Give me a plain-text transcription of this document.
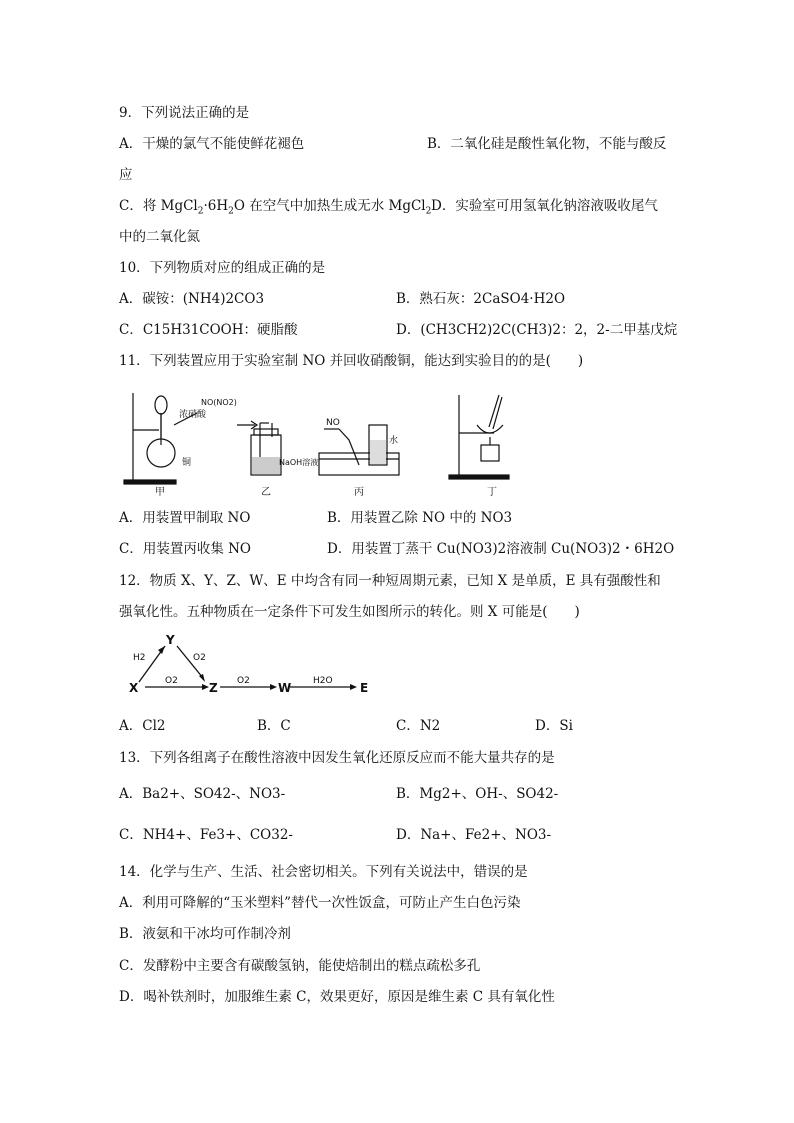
9．下列说法正确的是
A．干燥的氯气不能使鲜花褪色	B．二氧化硅是酸性氧化物，不能与酸反
应
C．将 $MgCl_2\cdot 6H_2O$ 在空气中加热生成无水 MgCl$_2$ D．实验室可用氢氧化钠溶液吸收尾气
中的二氧化氮
10．下列物质对应的组成正确的是
A．碳铵：(NH4)2CO3	B．熟石灰：2CaSO4·H2O
C．C15H31COOH：硬脂酸	D．(CH3CH2)2C(CH3)2：2，2-二甲基戊烷
11．下列装置应用于实验室制 NO 并回收硝酸铜，能达到实验目的的是(　　)
浓硝酸
NO(NO2)
铜
甲
NaOH溶液
乙
NO
水
丙	丁
A．用装置甲制取 NO	B．用装置乙除 NO 中的 NO3
C．用装置丙收集 NO	D．用装置丁蒸干 Cu(NO3)2溶液制 Cu(NO3)2・6H2O
12．物质 X、Y、Z、W、E 中均含有同一种短周期元素，已知 X 是单质，E 具有强酸性和
强氧化性。五种物质在一定条件下可发生如图所示的转化。则 X 可能是(　　)
X
Y
Z	W	E
H2	O2
O2	O2	H2O
A．Cl2	B．C	C．N2	D．Si
13．下列各组离子在酸性溶液中因发生氧化还原反应而不能大量共存的是
A．Ba2+、SO42-、NO3-	B．Mg2+、OH-、SO42-
C．NH4+、Fe3+、CO32-	D．Na+、Fe2+、NO3-
14．化学与生产、生活、社会密切相关。下列有关说法中，错误的是
A．利用可降解的“玉米塑料”替代一次性饭盒，可防止产生白色污染
B．液氨和干冰均可作制冷剂
C．发酵粉中主要含有碳酸氢钠，能使焙制出的糕点疏松多孔
D．喝补铁剂时，加服维生素 C，效果更好，原因是维生素 C 具有氧化性
